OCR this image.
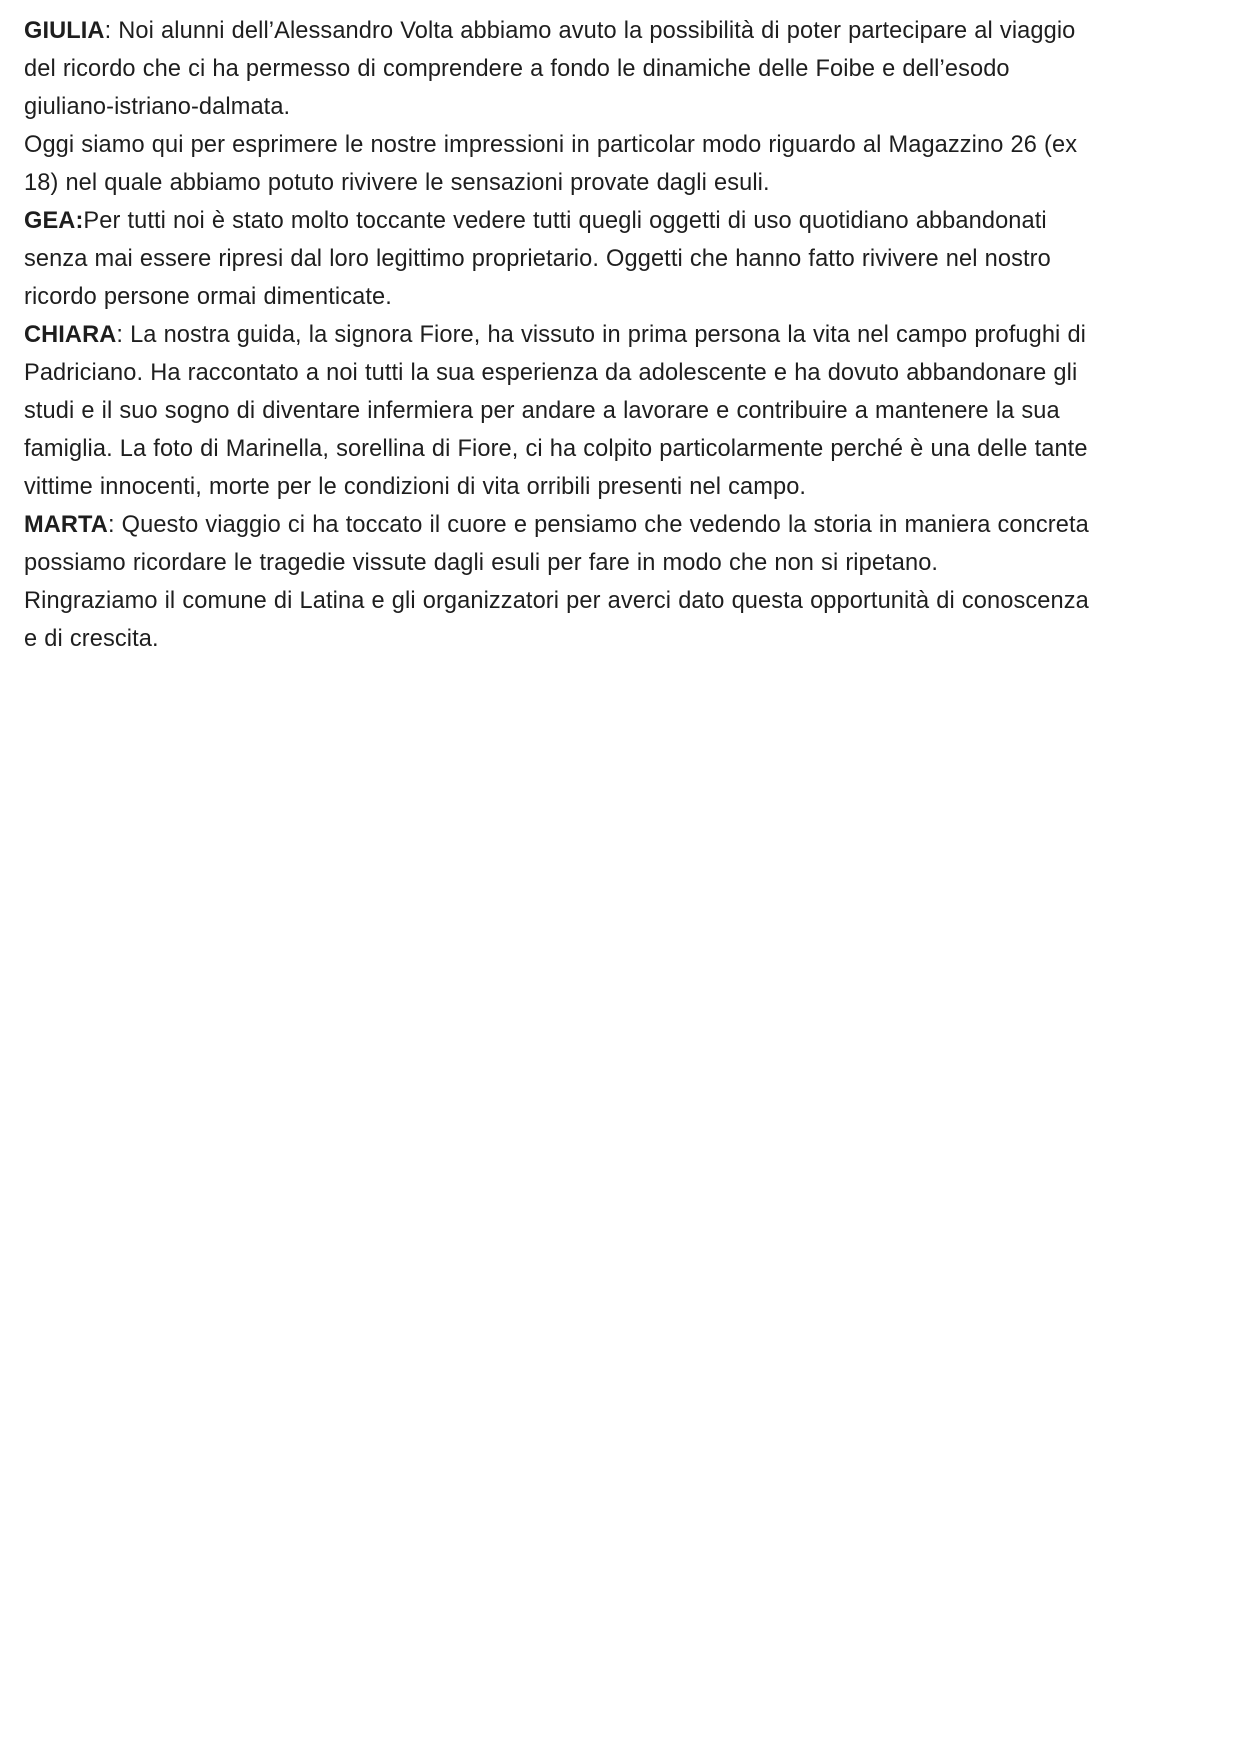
GIULIA: Noi alunni dell’Alessandro Volta abbiamo avuto la possibilità di poter partecipare al viaggio
del ricordo che ci ha permesso di comprendere a fondo le dinamiche delle Foibe e dell’esodo
giuliano-istriano-dalmata.

Oggi siamo qui per esprimere le nostre impressioni in particolar modo riguardo al Magazzino 26 (ex
18) nel quale abbiamo potuto rivivere le sensazioni provate dagli esuli.

GEA:Per tutti noi è stato molto toccante vedere tutti quegli oggetti di uso quotidiano abbandonati
senza mai essere ripresi dal loro legittimo proprietario. Oggetti che hanno fatto rivivere nel nostro
ricordo persone ormai dimenticate.

CHIARA: La nostra guida, la signora Fiore, ha vissuto in prima persona la vita nel campo profughi di
Padriciano. Ha raccontato a noi tutti la sua esperienza da adolescente e ha dovuto abbandonare gli
studi e il suo sogno di diventare infermiera per andare a lavorare e contribuire a mantenere la sua
famiglia. La foto di Marinella, sorellina di Fiore, ci ha colpito particolarmente perché è una delle tante
vittime innocenti, morte per le condizioni di vita orribili presenti nel campo.

MARTA: Questo viaggio ci ha toccato il cuore e pensiamo che vedendo la storia in maniera concreta
possiamo ricordare le tragedie vissute dagli esuli per fare in modo che non si ripetano.

Ringraziamo il comune di Latina e gli organizzatori per averci dato questa opportunità di conoscenza
e di crescita.
